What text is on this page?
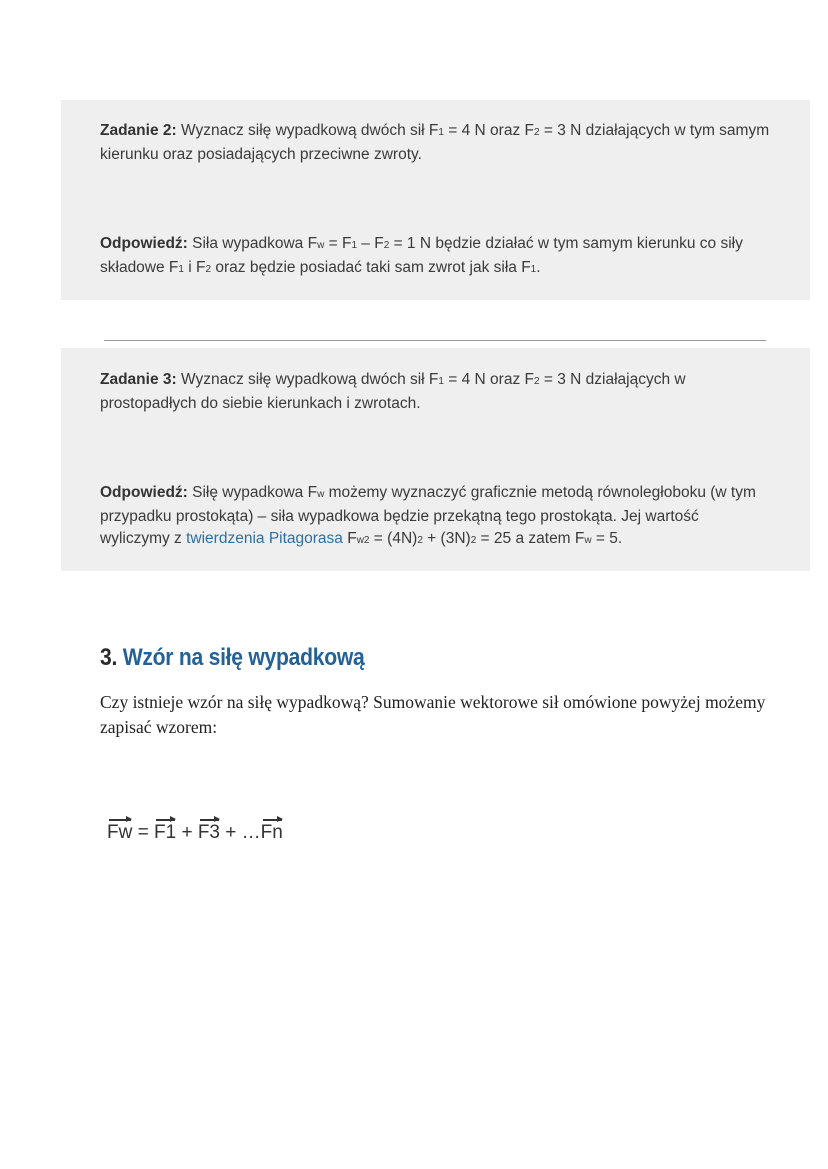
Zadanie 2: Wyznacz siłę wypadkową dwóch sił F1 = 4 N oraz F2 = 3 N działających w tym samym kierunku oraz posiadających przeciwne zwroty.

Odpowiedź: Siła wypadkowa Fw = F1 – F2 = 1 N będzie działać w tym samym kierunku co siły składowe F1 i F2 oraz będzie posiadać taki sam zwrot jak siła F1.

Zadanie 3: Wyznacz siłę wypadkową dwóch sił F1 = 4 N oraz F2 = 3 N działających w prostopadłych do siebie kierunkach i zwrotach.

Odpowiedź: Siłę wypadkowa Fw możemy wyznaczyć graficznie metodą równoległoboku (w tym przypadku prostokąta) – siła wypadkowa będzie przekątną tego prostokąta. Jej wartość wyliczymy z twierdzenia Pitagorasa Fw2 = (4N)2 + (3N)2 = 25 a zatem Fw = 5.

3. Wzór na siłę wypadkową

Czy istnieje wzór na siłę wypadkową? Sumowanie wektorowe sił omówione powyżej możemy zapisać wzorem:

Fw = F1 + F3 + …Fn
